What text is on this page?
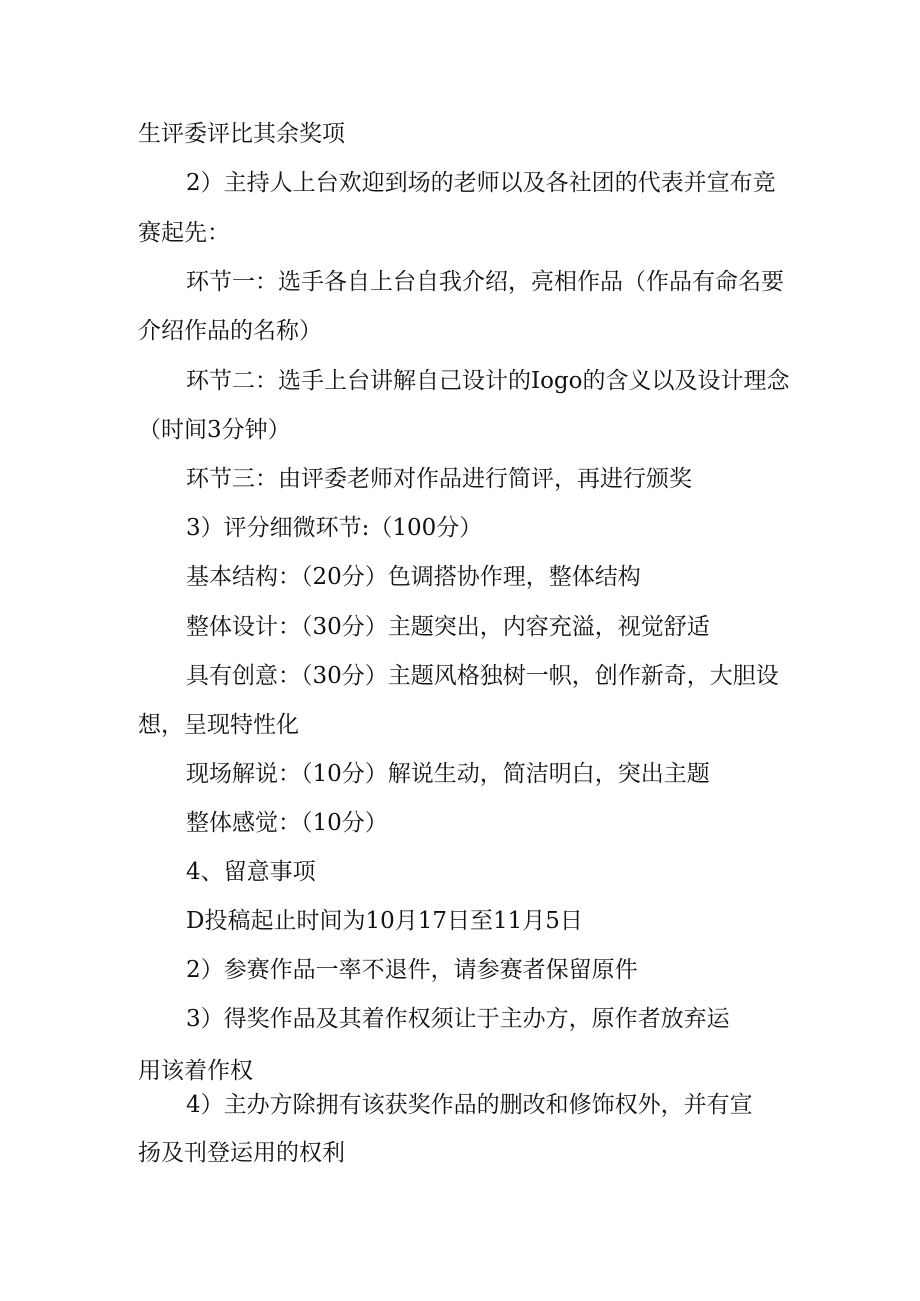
生评委评比其余奖项
2）主持人上台欢迎到场的老师以及各社团的代表并宣布竞
赛起先：
环节一：选手各自上台自我介绍，亮相作品（作品有命名要
介绍作品的名称）
环节二：选手上台讲解自己设计的Iogo的含义以及设计理念
（时间3分钟）
环节三：由评委老师对作品进行简评，再进行颁奖
3）评分细微环节:（100分）
基本结构：（20分）色调搭协作理，整体结构
整体设计：（30分）主题突出，内容充溢，视觉舒适
具有创意：（30分）主题风格独树一帜，创作新奇，大胆设
想，呈现特性化
现场解说：（10分）解说生动，简洁明白，突出主题
整体感觉：（10分）
4、留意事项
D投稿起止时间为10月17日至11月5日
2）参赛作品一率不退件，请参赛者保留原件
3）得奖作品及其着作权须让于主办方，原作者放弃运
用该着作权
4）主办方除拥有该获奖作品的删改和修饰权外，并有宣
扬及刊登运用的权利
